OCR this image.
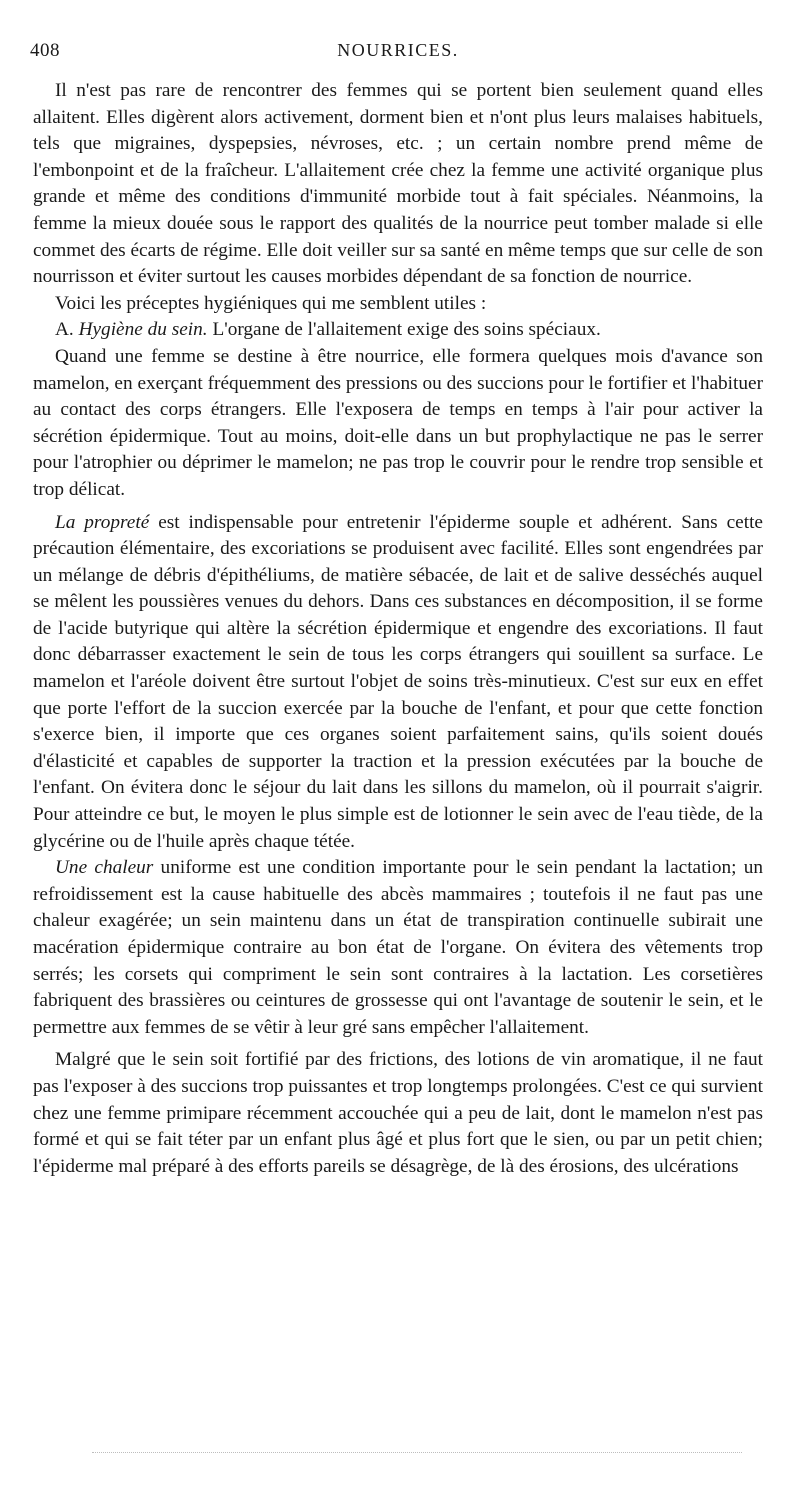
408	NOURRICES.

Il n'est pas rare de rencontrer des femmes qui se portent bien seulement quand elles allaitent. Elles digèrent alors activement, dorment bien et n'ont plus leurs malaises habituels, tels que migraines, dyspepsies, névroses, etc. ; un certain nombre prend même de l'embonpoint et de la fraîcheur. L'allaitement crée chez la femme une activité organique plus grande et même des conditions d'immunité morbide tout à fait spéciales. Néanmoins, la femme la mieux douée sous le rapport des qualités de la nourrice peut tomber malade si elle commet des écarts de régime. Elle doit veiller sur sa santé en même temps que sur celle de son nourrisson et éviter surtout les causes morbides dépendant de sa fonction de nourrice.

Voici les préceptes hygiéniques qui me semblent utiles :

A. Hygiène du sein. L'organe de l'allaitement exige des soins spéciaux.

Quand une femme se destine à être nourrice, elle formera quelques mois d'avance son mamelon, en exerçant fréquemment des pressions ou des succions pour le fortifier et l'habituer au contact des corps étrangers. Elle l'exposera de temps en temps à l'air pour activer la sécrétion épidermique. Tout au moins, doit-elle dans un but prophylactique ne pas le serrer pour l'atrophier ou déprimer le mamelon; ne pas trop le couvrir pour le rendre trop sensible et trop délicat.

La propreté est indispensable pour entretenir l'épiderme souple et adhérent. Sans cette précaution élémentaire, des excoriations se produisent avec facilité. Elles sont engendrées par un mélange de débris d'épithéliums, de matière sébacée, de lait et de salive desséchés auquel se mêlent les poussières venues du dehors. Dans ces substances en décomposition, il se forme de l'acide butyrique qui altère la sécrétion épidermique et engendre des excoriations. Il faut donc débarrasser exactement le sein de tous les corps étrangers qui souillent sa surface. Le mamelon et l'aréole doivent être surtout l'objet de soins très-minutieux. C'est sur eux en effet que porte l'effort de la succion exercée par la bouche de l'enfant, et pour que cette fonction s'exerce bien, il importe que ces organes soient parfaitement sains, qu'ils soient doués d'élasticité et capables de supporter la traction et la pression exécutées par la bouche de l'enfant. On évitera donc le séjour du lait dans les sillons du mamelon, où il pourrait s'aigrir. Pour atteindre ce but, le moyen le plus simple est de lotionner le sein avec de l'eau tiède, de la glycérine ou de l'huile après chaque tétée.

Une chaleur uniforme est une condition importante pour le sein pendant la lactation; un refroidissement est la cause habituelle des abcès mammaires ; toutefois il ne faut pas une chaleur exagérée; un sein maintenu dans un état de transpiration continuelle subirait une macération épidermique contraire au bon état de l'organe. On évitera des vêtements trop serrés; les corsets qui compriment le sein sont contraires à la lactation. Les corsetières fabriquent des brassières ou ceintures de grossesse qui ont l'avantage de soutenir le sein, et le permettre aux femmes de se vêtir à leur gré sans empêcher l'allaitement.

Malgré que le sein soit fortifié par des frictions, des lotions de vin aromatique, il ne faut pas l'exposer à des succions trop puissantes et trop longtemps prolongées. C'est ce qui survient chez une femme primipare récemment accouchée qui a peu de lait, dont le mamelon n'est pas formé et qui se fait téter par un enfant plus âgé et plus fort que le sien, ou par un petit chien; l'épiderme mal préparé à des efforts pareils se désagrège, de là des érosions, des ulcérations
